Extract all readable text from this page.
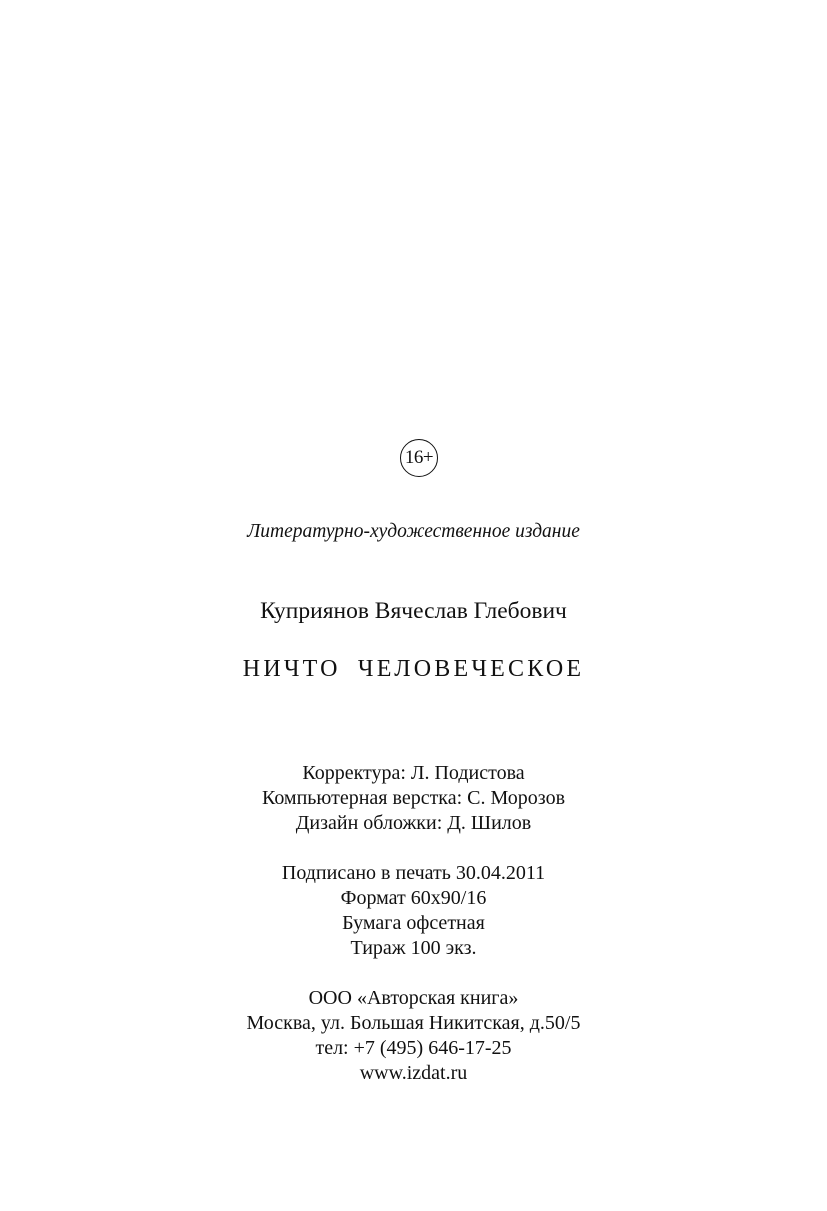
16+
Литературно-художественное издание
Куприянов Вячеслав Глебович
НИЧТО ЧЕЛОВЕЧЕСКОЕ
Корректура: Л. Подистова
Компьютерная верстка: С. Морозов
Дизайн обложки: Д. Шилов
Подписано в печать 30.04.2011
Формат 60х90/16
Бумага офсетная
Тираж 100 экз.
ООО «Авторская книга»
Москва, ул. Большая Никитская, д.50/5
тел: +7 (495) 646-17-25
www.izdat.ru
